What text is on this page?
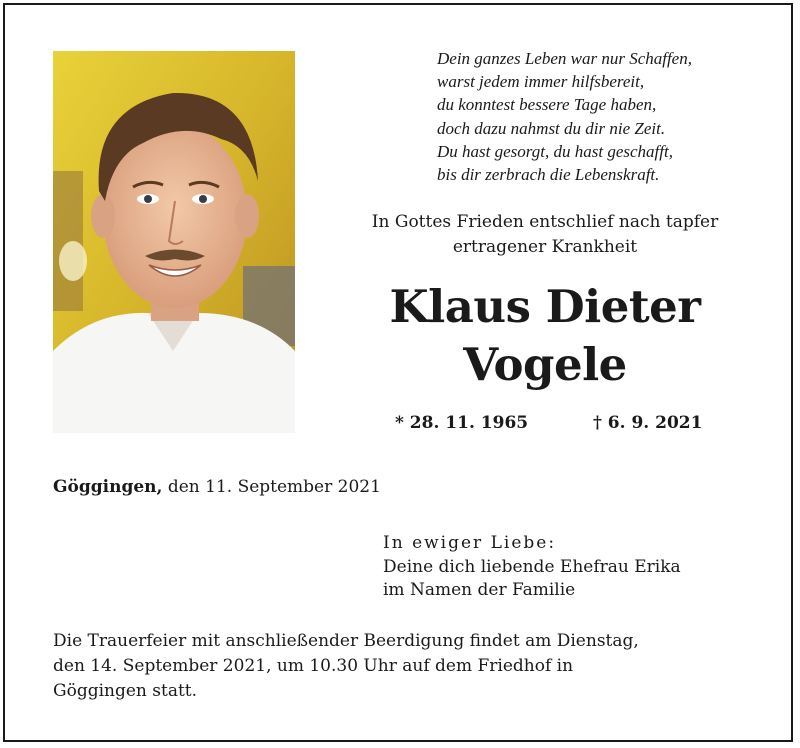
Dein ganzes Leben war nur Schaffen,
warst jedem immer hilfsbereit,
du konntest bessere Tage haben,
doch dazu nahmst du dir nie Zeit.
Du hast gesorgt, du hast geschafft,
bis dir zerbrach die Lebenskraft.
In Gottes Frieden entschlief nach tapfer
ertragener Krankheit
Klaus Dieter
Vogele
* 28. 11. 1965	† 6. 9. 2021
Göggingen, den 11. September 2021
In ewiger Liebe:
Deine dich liebende Ehefrau Erika
im Namen der Familie
Die Trauerfeier mit anschließender Beerdigung findet am Dienstag,
den 14. September 2021, um 10.30 Uhr auf dem Friedhof in
Göggingen statt.
